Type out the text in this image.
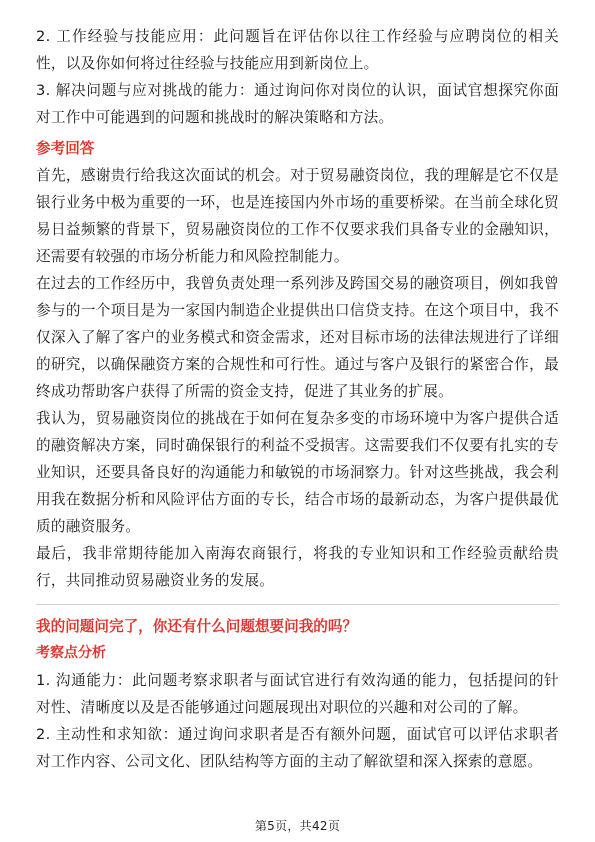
2. 工作经验与技能应用：此问题旨在评估你以往工作经验与应聘岗位的相关性，以及你如何将过往经验与技能应用到新岗位上。

3. 解决问题与应对挑战的能力：通过询问你对岗位的认识，面试官想探究你面对工作中可能遇到的问题和挑战时的解决策略和方法。

参考回答

首先，感谢贵行给我这次面试的机会。对于贸易融资岗位，我的理解是它不仅是银行业务中极为重要的一环，也是连接国内外市场的重要桥梁。在当前全球化贸易日益频繁的背景下，贸易融资岗位的工作不仅要求我们具备专业的金融知识，还需要有较强的市场分析能力和风险控制能力。

在过去的工作经历中，我曾负责处理一系列涉及跨国交易的融资项目，例如我曾参与的一个项目是为一家国内制造企业提供出口信贷支持。在这个项目中，我不仅深入了解了客户的业务模式和资金需求，还对目标市场的法律法规进行了详细的研究，以确保融资方案的合规性和可行性。通过与客户及银行的紧密合作，最终成功帮助客户获得了所需的资金支持，促进了其业务的扩展。

我认为，贸易融资岗位的挑战在于如何在复杂多变的市场环境中为客户提供合适的融资解决方案，同时确保银行的利益不受损害。这需要我们不仅要有扎实的专业知识，还要具备良好的沟通能力和敏锐的市场洞察力。针对这些挑战，我会利用我在数据分析和风险评估方面的专长，结合市场的最新动态，为客户提供最优质的融资服务。

最后，我非常期待能加入南海农商银行，将我的专业知识和工作经验贡献给贵行，共同推动贸易融资业务的发展。

我的问题问完了，你还有什么问题想要问我的吗？
考察点分析

1. 沟通能力：此问题考察求职者与面试官进行有效沟通的能力，包括提问的针对性、清晰度以及是否能够通过问题展现出对职位的兴趣和对公司的了解。

2. 主动性和求知欲：通过询问求职者是否有额外问题，面试官可以评估求职者对工作内容、公司文化、团队结构等方面的主动了解欲望和深入探索的意愿。

第5页，共42页
